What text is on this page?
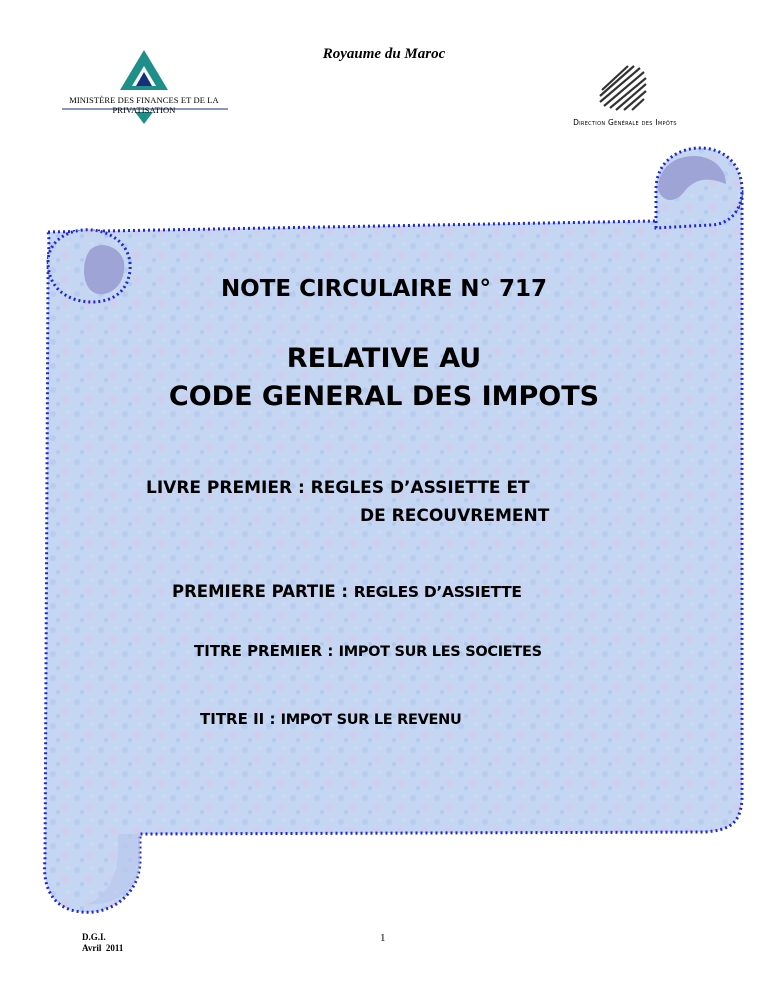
Royaume du Maroc
MINISTÈRE DES FINANCES ET DE LA PRIVATISATION
Direction Générale des Impôts
NOTE CIRCULAIRE N° 717
RELATIVE AU
CODE GENERAL DES IMPOTS
LIVRE PREMIER : REGLES D’ASSIETTE ET
DE RECOUVREMENT
PREMIERE PARTIE : REGLES D’ASSIETTE
TITRE PREMIER : IMPOT SUR LES SOCIETES
TITRE II : IMPOT SUR LE REVENU
D.G.I.
Avril  2011
1
